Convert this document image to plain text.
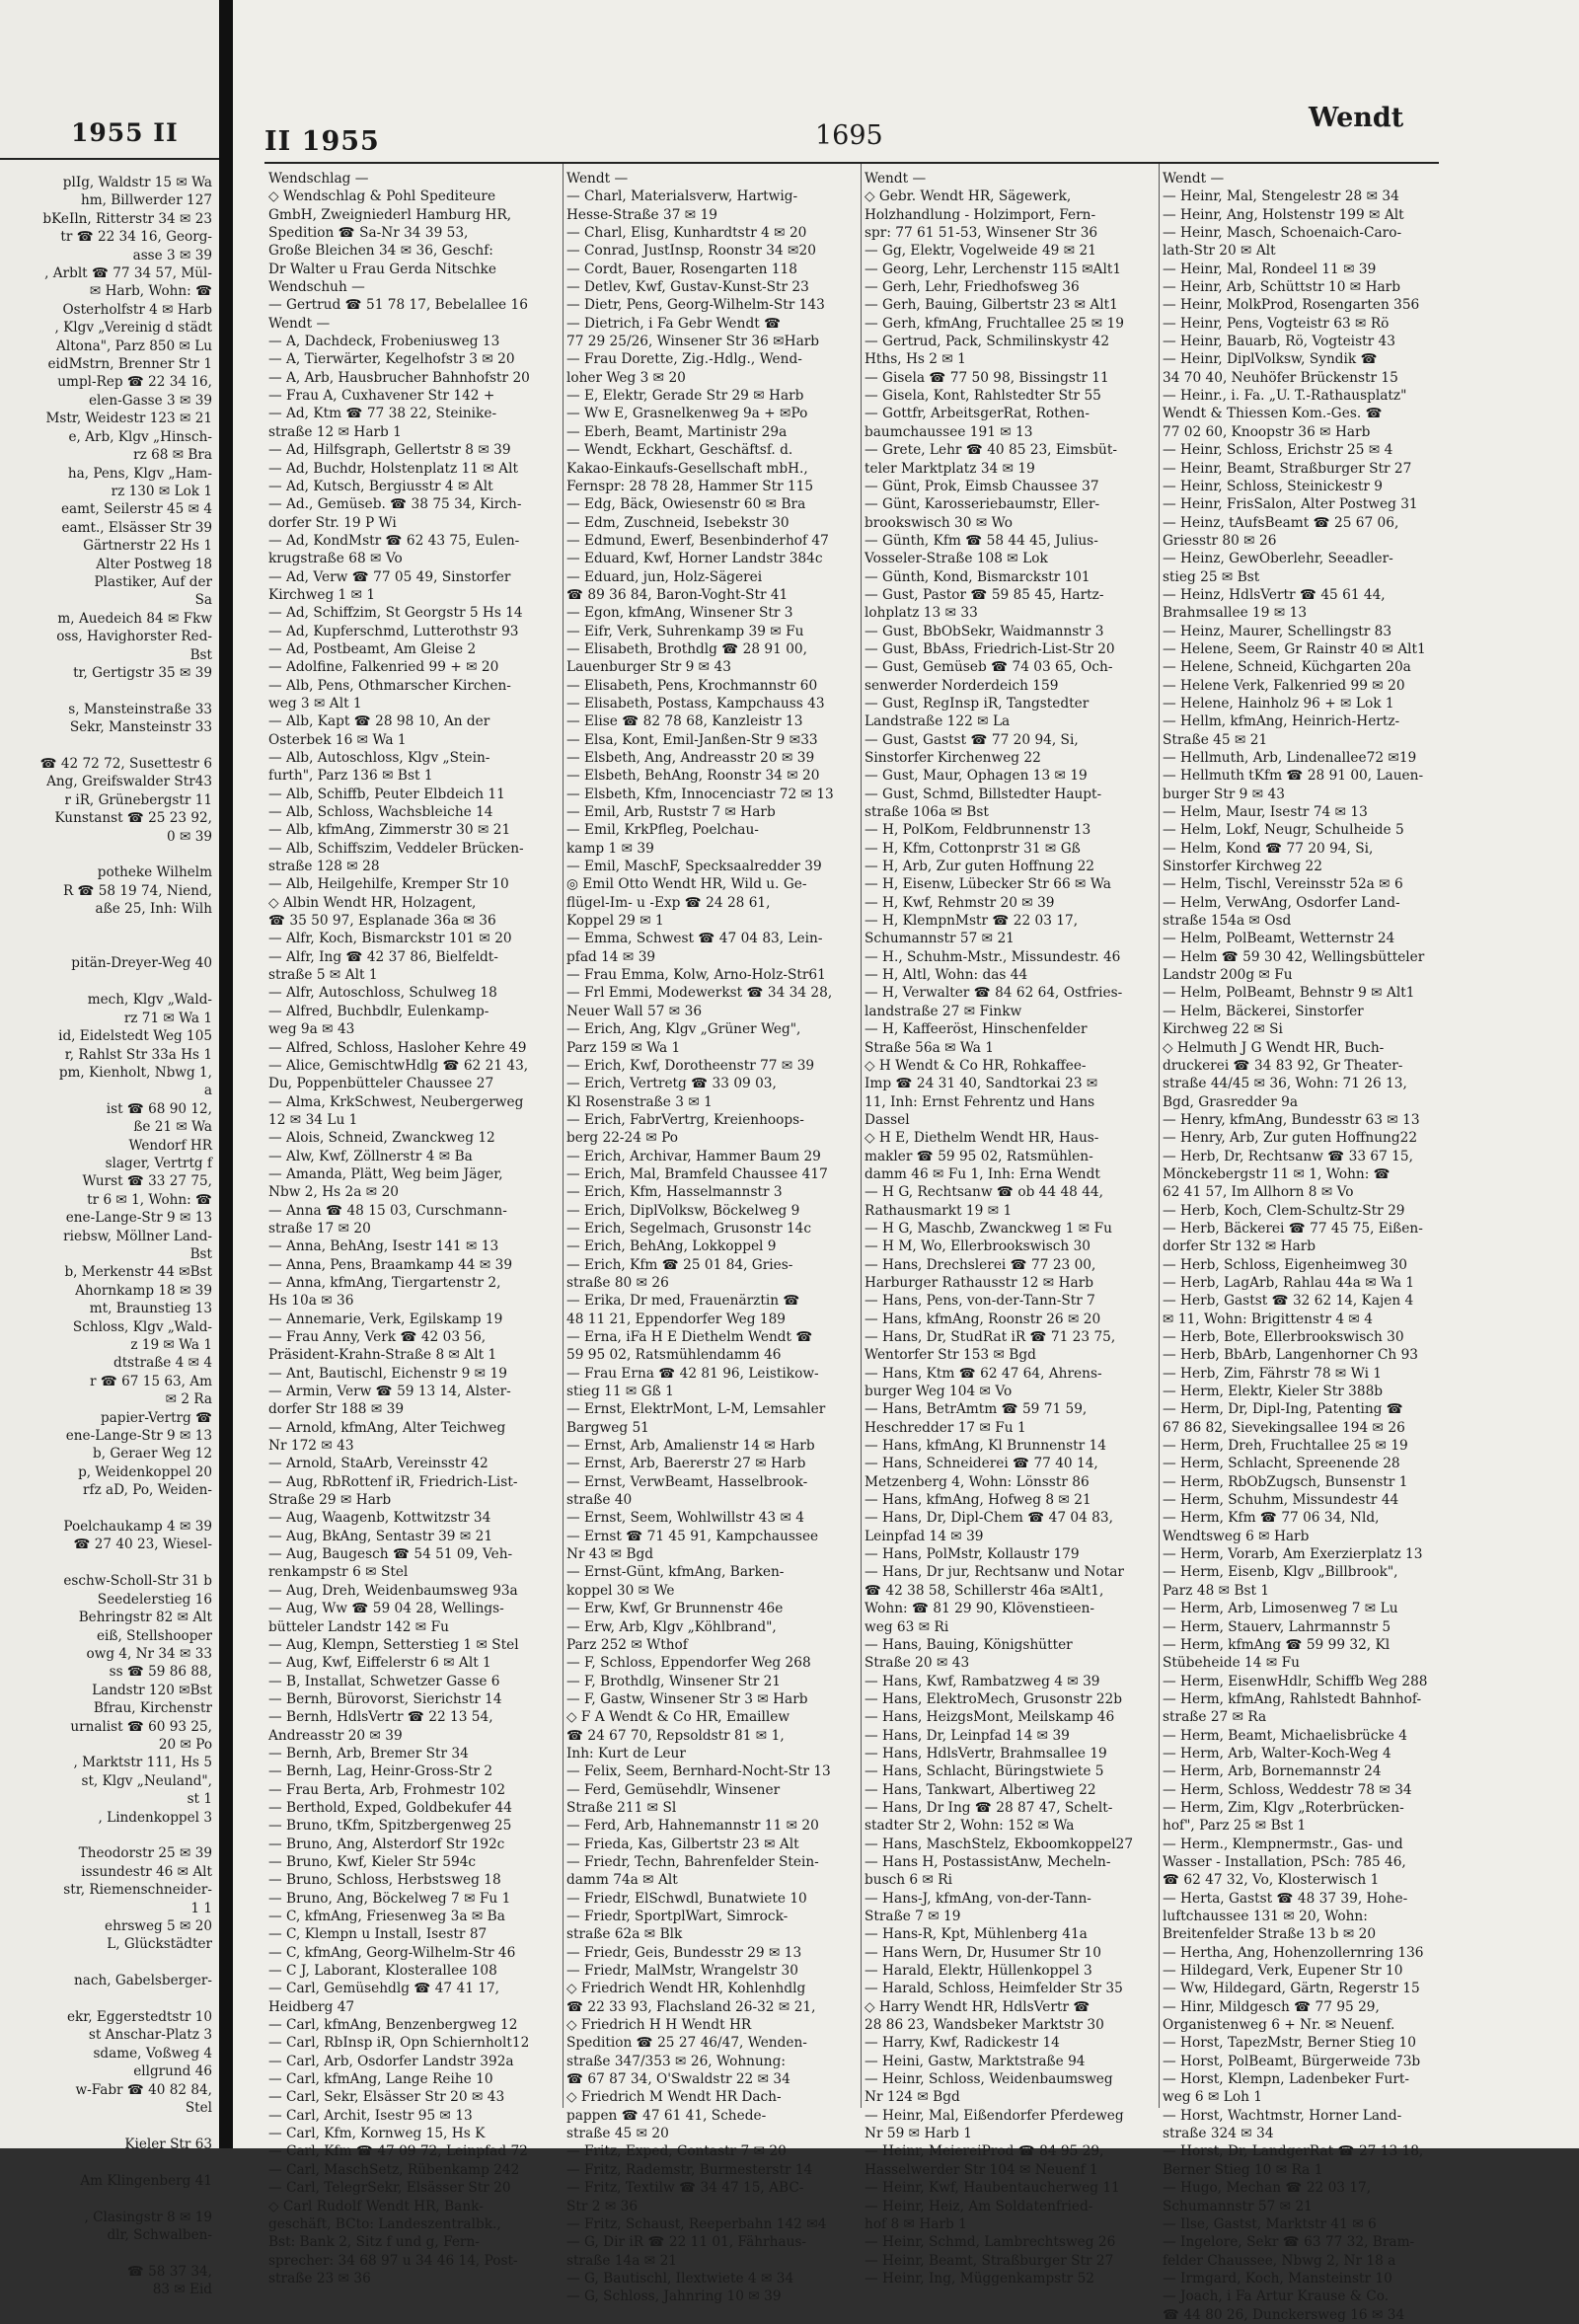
1955 II
plIg, Waldstr 15 ✉ Wa
hm, Billwerder 127
bKeIln, Ritterstr 34 ✉ 23
tr ☎ 22 34 16, Georg-
asse 3 ✉ 39
, Arblt ☎ 77 34 57, Mül-
✉ Harb, Wohn: ☎
Osterholfstr 4 ✉ Harb
, Klgv „Vereinig d städt
Altona", Parz 850 ✉ Lu
eidMstrn, Brenner Str 1
umpl-Rep ☎ 22 34 16,
elen-Gasse 3 ✉ 39
Mstr, Weidestr 123 ✉ 21
e, Arb, Klgv „Hinsch-
rz 68 ✉ Bra
ha, Pens, Klgv „Ham-
rz 130 ✉ Lok 1
eamt, Seilerstr 45 ✉ 4
eamt., Elsässer Str 39
Gärtnerstr 22 Hs 1
Alter Postweg 18
Plastiker, Auf der
Sa
m, Auedeich 84 ✉ Fkw
oss, Havighorster Red-
Bst
tr, Gertigstr 35 ✉ 39

s, Mansteinstraße 33
Sekr, Mansteinstr 33

☎ 42 72 72, Susettestr 6
Ang, Greifswalder Str43
r iR, Grünebergstr 11
Kunstanst ☎ 25 23 92,
0 ✉ 39

potheke Wilhelm
R ☎ 58 19 74, Niend,
aße 25, Inh: Wilh

pitän-Dreyer-Weg 40

mech, Klgv „Wald-
rz 71 ✉ Wa 1
id, Eidelstedt Weg 105
r, Rahlst Str 33a Hs 1
pm, Kienholt, Nbwg 1,
a
ist ☎ 68 90 12,
ße 21 ✉ Wa
Wendorf HR
slager, Vertrtg f
Wurst ☎ 33 27 75,
tr 6 ✉ 1, Wohn: ☎
ene-Lange-Str 9 ✉ 13
riebsw, Möllner Land-
Bst
b, Merkenstr 44 ✉Bst
Ahornkamp 18 ✉ 39
mt, Braunstieg 13
Schloss, Klgv „Wald-
z 19 ✉ Wa 1
dtstraße 4 ✉ 4
r ☎ 67 15 63, Am
✉ 2 Ra
papier-Vertrg ☎
ene-Lange-Str 9 ✉ 13
b, Geraer Weg 12
p, Weidenkoppel 20
rfz aD, Po, Weiden-

Poelchaukamp 4 ✉ 39
☎ 27 40 23, Wiesel-

eschw-Scholl-Str 31 b
Seedelerstieg 16
Behringstr 82 ✉ Alt
eiß, Stellshooper
owg 4, Nr 34 ✉ 33
ss ☎ 59 86 88,
Landstr 120 ✉Bst
Bfrau, Kirchenstr
urnalist ☎ 60 93 25,
20 ✉ Po
, Marktstr 111, Hs 5
st, Klgv „Neuland",
st 1
, Lindenkoppel 3

Theodorstr 25 ✉ 39
issundestr 46 ✉ Alt
str, Riemenschneider-
1 1
ehrsweg 5 ✉ 20
L, Glückstädter

nach, Gabelsberger-

ekr, Eggerstedtstr 10
st Anschar-Platz 3
sdame, Voßweg 4
ellgrund 46
w-Fabr ☎ 40 82 84,
Stel

Kieler Str 63

Am Klingenberg 41

, Clasingstr 8 ✉ 19
dlr, Schwalben-

☎ 58 37 34,
83 ✉ Eid
II 1955	1695
Wendt
Wendschlag —
◇ Wendschlag & Pohl Spediteure
GmbH, Zweigniederl Hamburg HR,
Spedition ☎ Sa-Nr 34 39 53,
Große Bleichen 34 ✉ 36, Geschf:
Dr Walter u Frau Gerda Nitschke
Wendschuh —
— Gertrud ☎ 51 78 17, Bebelallee 16
Wendt —
— A, Dachdeck, Frobeniusweg 13
— A, Tierwärter, Kegelhofstr 3 ✉ 20
— A, Arb, Hausbrucher Bahnhofstr 20
— Frau A, Cuxhavener Str 142 +
— Ad, Ktm ☎ 77 38 22, Steinike-
straße 12 ✉ Harb 1
— Ad, Hilfsgraph, Gellertstr 8 ✉ 39
— Ad, Buchdr, Holstenplatz 11 ✉ Alt
— Ad, Kutsch, Bergiusstr 4 ✉ Alt
— Ad., Gemüseb. ☎ 38 75 34, Kirch-
dorfer Str. 19 P Wi
— Ad, KondMstr ☎ 62 43 75, Eulen-
krugstraße 68 ✉ Vo
— Ad, Verw ☎ 77 05 49, Sinstorfer
Kirchweg 1 ✉ 1
— Ad, Schiffzim, St Georgstr 5 Hs 14
— Ad, Kupferschmd, Lutterothstr 93
— Ad, Postbeamt, Am Gleise 2
— Adolfine, Falkenried 99 + ✉ 20
— Alb, Pens, Othmarscher Kirchen-
weg 3 ✉ Alt 1
— Alb, Kapt ☎ 28 98 10, An der
Osterbek 16 ✉ Wa 1
— Alb, Autoschloss, Klgv „Stein-
furth", Parz 136 ✉ Bst 1
— Alb, Schiffb, Peuter Elbdeich 11
— Alb, Schloss, Wachsbleiche 14
— Alb, kfmAng, Zimmerstr 30 ✉ 21
— Alb, Schiffszim, Veddeler Brücken-
straße 128 ✉ 28
— Alb, Heilgehilfe, Kremper Str 10
◇ Albin Wendt HR, Holzagent,
☎ 35 50 97, Esplanade 36a ✉ 36
— Alfr, Koch, Bismarckstr 101 ✉ 20
— Alfr, Ing ☎ 42 37 86, Bielfeldt-
straße 5 ✉ Alt 1
— Alfr, Autoschloss, Schulweg 18
— Alfred, Buchbdlr, Eulenkamp-
weg 9a ✉ 43
— Alfred, Schloss, Hasloher Kehre 49
— Alice, GemischtwHdlg ☎ 62 21 43,
Du, Poppenbütteler Chaussee 27
— Alma, KrkSchwest, Neubergerweg
12 ✉ 34 Lu 1
— Alois, Schneid, Zwanckweg 12
— Alw, Kwf, Zöllnerstr 4 ✉ Ba
— Amanda, Plätt, Weg beim Jäger,
Nbw 2, Hs 2a ✉ 20
— Anna ☎ 48 15 03, Curschmann-
straße 17 ✉ 20
— Anna, BehAng, Isestr 141 ✉ 13
— Anna, Pens, Braamkamp 44 ✉ 39
— Anna, kfmAng, Tiergartenstr 2,
Hs 10a ✉ 36
— Annemarie, Verk, Egilskamp 19
— Frau Anny, Verk ☎ 42 03 56,
Präsident-Krahn-Straße 8 ✉ Alt 1
— Ant, Bautischl, Eichenstr 9 ✉ 19
— Armin, Verw ☎ 59 13 14, Alster-
dorfer Str 188 ✉ 39
— Arnold, kfmAng, Alter Teichweg
Nr 172 ✉ 43
— Arnold, StaArb, Vereinsstr 42
— Aug, RbRottenf iR, Friedrich-List-
Straße 29 ✉ Harb
— Aug, Waagenb, Kottwitzstr 34
— Aug, BkAng, Sentastr 39 ✉ 21
— Aug, Baugesch ☎ 54 51 09, Veh-
renkampstr 6 ✉ Stel
— Aug, Dreh, Weidenbaumsweg 93a
— Aug, Ww ☎ 59 04 28, Wellings-
bütteler Landstr 142 ✉ Fu
— Aug, Klempn, Setterstieg 1 ✉ Stel
— Aug, Kwf, Eiffelerstr 6 ✉ Alt 1
— B, Installat, Schwetzer Gasse 6
— Bernh, Bürovorst, Sierichstr 14
— Bernh, HdlsVertr ☎ 22 13 54,
Andreasstr 20 ✉ 39
— Bernh, Arb, Bremer Str 34
— Bernh, Lag, Heinr-Gross-Str 2
— Frau Berta, Arb, Frohmestr 102
— Berthold, Exped, Goldbekufer 44
— Bruno, tKfm, Spitzbergenweg 25
— Bruno, Ang, Alsterdorf Str 192c
— Bruno, Kwf, Kieler Str 594c
— Bruno, Schloss, Herbstsweg 18
— Bruno, Ang, Böckelweg 7 ✉ Fu 1
— C, kfmAng, Friesenweg 3a ✉ Ba
— C, Klempn u Install, Isestr 87
— C, kfmAng, Georg-Wilhelm-Str 46
— C J, Laborant, Klosterallee 108
— Carl, Gemüsehdlg ☎ 47 41 17,
Heidberg 47
— Carl, kfmAng, Benzenbergweg 12
— Carl, RbInsp iR, Opn Schiernholt12
— Carl, Arb, Osdorfer Landstr 392a
— Carl, kfmAng, Lange Reihe 10
— Carl, Sekr, Elsässer Str 20 ✉ 43
— Carl, Archit, Isestr 95 ✉ 13
— Carl, Kfm, Kornweg 15, Hs K
— Carl, Kfm ☎ 47 09 72, Leinpfad 72
— Carl, MaschSetz, Rübenkamp 242
— Carl, TelegrSekr, Elsässer Str 20
◇ Carl Rudolf Wendt HR, Bank-
geschäft, BCto: Landeszentralbk.,
Bst: Bank 2, Sitz f und g, Fern-
sprecher: 34 68 97 u 34 46 14, Post-
straße 23 ✉ 36
Wendt —
— Charl, Materialsverw, Hartwig-
Hesse-Straße 37 ✉ 19
— Charl, Elisg, Kunhardtstr 4 ✉ 20
— Conrad, JustInsp, Roonstr 34 ✉20
— Cordt, Bauer, Rosengarten 118
— Detlev, Kwf, Gustav-Kunst-Str 23
— Dietr, Pens, Georg-Wilhelm-Str 143
— Dietrich, i Fa Gebr Wendt ☎
77 29 25/26, Winsener Str 36 ✉Harb
— Frau Dorette, Zig.-Hdlg., Wend-
loher Weg 3 ✉ 20
— E, Elektr, Gerade Str 29 ✉ Harb
— Ww E, Grasnelkenweg 9a + ✉Po
— Eberh, Beamt, Martinistr 29a
— Wendt, Eckhart, Geschäftsf. d.
Kakao-Einkaufs-Gesellschaft mbH.,
Fernspr: 28 78 28, Hammer Str 115
— Edg, Bäck, Owiesenstr 60 ✉ Bra
— Edm, Zuschneid, Isebekstr 30
— Edmund, Ewerf, Besenbinderhof 47
— Eduard, Kwf, Horner Landstr 384c
— Eduard, jun, Holz-Sägerei
☎ 89 36 84, Baron-Voght-Str 41
— Egon, kfmAng, Winsener Str 3
— Eifr, Verk, Suhrenkamp 39 ✉ Fu
— Elisabeth, Brothdlg ☎ 28 91 00,
Lauenburger Str 9 ✉ 43
— Elisabeth, Pens, Krochmannstr 60
— Elisabeth, Postass, Kampchauss 43
— Elise ☎ 82 78 68, Kanzleistr 13
— Elsa, Kont, Emil-Janßen-Str 9 ✉33
— Elsbeth, Ang, Andreasstr 20 ✉ 39
— Elsbeth, BehAng, Roonstr 34 ✉ 20
— Elsbeth, Kfm, Innocenciastr 72 ✉ 13
— Emil, Arb, Ruststr 7 ✉ Harb
— Emil, KrkPfleg, Poelchau-
kamp 1 ✉ 39
— Emil, MaschF, Specksaalredder 39
◎ Emil Otto Wendt HR, Wild u. Ge-
flügel-Im- u -Exp ☎ 24 28 61,
Koppel 29 ✉ 1
— Emma, Schwest ☎ 47 04 83, Lein-
pfad 14 ✉ 39
— Frau Emma, Kolw, Arno-Holz-Str61
— Frl Emmi, Modewerkst ☎ 34 34 28,
Neuer Wall 57 ✉ 36
— Erich, Ang, Klgv „Grüner Weg",
Parz 159 ✉ Wa 1
— Erich, Kwf, Dorotheenstr 77 ✉ 39
— Erich, Vertretg ☎ 33 09 03,
Kl Rosenstraße 3 ✉ 1
— Erich, FabrVertrg, Kreienhoops-
berg 22-24 ✉ Po
— Erich, Archivar, Hammer Baum 29
— Erich, Mal, Bramfeld Chaussee 417
— Erich, Kfm, Hasselmannstr 3
— Erich, DiplVolksw, Böckelweg 9
— Erich, Segelmach, Grusonstr 14c
— Erich, BehAng, Lokkoppel 9
— Erich, Kfm ☎ 25 01 84, Gries-
straße 80 ✉ 26
— Erika, Dr med, Frauenärztin ☎
48 11 21, Eppendorfer Weg 189
— Erna, iFa H E Diethelm Wendt ☎
59 95 02, Ratsmühlendamm 46
— Frau Erna ☎ 42 81 96, Leistikow-
stieg 11 ✉ Gß 1
— Ernst, ElektrMont, L-M, Lemsahler
Bargweg 51
— Ernst, Arb, Amalienstr 14 ✉ Harb
— Ernst, Arb, Baererstr 27 ✉ Harb
— Ernst, VerwBeamt, Hasselbrook-
straße 40
— Ernst, Seem, Wohlwillstr 43 ✉ 4
— Ernst ☎ 71 45 91, Kampchaussee
Nr 43 ✉ Bgd
— Ernst-Günt, kfmAng, Barken-
koppel 30 ✉ We
— Erw, Kwf, Gr Brunnenstr 46e
— Erw, Arb, Klgv „Köhlbrand",
Parz 252 ✉ Wthof
— F, Schloss, Eppendorfer Weg 268
— F, Brothdlg, Winsener Str 21
— F, Gastw, Winsener Str 3 ✉ Harb
◇ F A Wendt & Co HR, Emaillew
☎ 24 67 70, Repsoldstr 81 ✉ 1,
Inh: Kurt de Leur
— Felix, Seem, Bernhard-Nocht-Str 13
— Ferd, Gemüsehdlr, Winsener
Straße 211 ✉ Sl
— Ferd, Arb, Hahnemannstr 11 ✉ 20
— Frieda, Kas, Gilbertstr 23 ✉ Alt
— Friedr, Techn, Bahrenfelder Stein-
damm 74a ✉ Alt
— Friedr, ElSchwdl, Bunatwiete 10
— Friedr, SportplWart, Simrock-
straße 62a ✉ Blk
— Friedr, Geis, Bundesstr 29 ✉ 13
— Friedr, MalMstr, Wrangelstr 30
◇ Friedrich Wendt HR, Kohlenhdlg
☎ 22 33 93, Flachsland 26-32 ✉ 21,
◇ Friedrich H H Wendt HR
Spedition ☎ 25 27 46/47, Wenden-
straße 347/353 ✉ 26, Wohnung:
☎ 67 87 34, O'Swaldstr 22 ✉ 34
◇ Friedrich M Wendt HR Dach-
pappen ☎ 47 61 41, Schede-
straße 45 ✉ 20
— Fritz, Exped, Contastr 7 ✉ 20
— Fritz, Rademstr, Burmesterstr 14
— Fritz, Textilw ☎ 34 47 15, ABC-
Str 2 ✉ 36
— Fritz, Schaust, Reeperbahn 142 ✉4
— G, Dir iR ☎ 22 11 01, Fährhaus-
straße 14a ✉ 21
— G, Bautischl, Ilextwiete 4 ✉ 34
— G, Schloss, Jahnring 10 ✉ 39
Wendt —
◇ Gebr. Wendt HR, Sägewerk,
Holzhandlung - Holzimport, Fern-
spr: 77 61 51-53, Winsener Str 36
— Gg, Elektr, Vogelweide 49 ✉ 21
— Georg, Lehr, Lerchenstr 115 ✉Alt1
— Gerh, Lehr, Friedhofsweg 36
— Gerh, Bauing, Gilbertstr 23 ✉ Alt1
— Gerh, kfmAng, Fruchtallee 25 ✉ 19
— Gertrud, Pack, Schmilinskystr 42
Hths, Hs 2 ✉ 1
— Gisela ☎ 77 50 98, Bissingstr 11
— Gisela, Kont, Rahlstedter Str 55
— Gottfr, ArbeitsgerRat, Rothen-
baumchaussee 191 ✉ 13
— Grete, Lehr ☎ 40 85 23, Eimsbüt-
teler Marktplatz 34 ✉ 19
— Günt, Prok, Eimsb Chaussee 37
— Günt, Karosseriebaumstr, Eller-
brookswisch 30 ✉ Wo
— Günth, Kfm ☎ 58 44 45, Julius-
Vosseler-Straße 108 ✉ Lok
— Günth, Kond, Bismarckstr 101
— Gust, Pastor ☎ 59 85 45, Hartz-
lohplatz 13 ✉ 33
— Gust, BbObSekr, Waidmannstr 3
— Gust, BbAss, Friedrich-List-Str 20
— Gust, Gemüseb ☎ 74 03 65, Och-
senwerder Norderdeich 159
— Gust, RegInsp iR, Tangstedter
Landstraße 122 ✉ La
— Gust, Gastst ☎ 77 20 94, Si,
Sinstorfer Kirchenweg 22
— Gust, Maur, Ophagen 13 ✉ 19
— Gust, Schmd, Billstedter Haupt-
straße 106a ✉ Bst
— H, PolKom, Feldbrunnenstr 13
— H, Kfm, Cottonprstr 31 ✉ Gß
— H, Arb, Zur guten Hoffnung 22
— H, Eisenw, Lübecker Str 66 ✉ Wa
— H, Kwf, Rehmstr 20 ✉ 39
— H, KlempnMstr ☎ 22 03 17,
Schumannstr 57 ✉ 21
— H., Schuhm-Mstr., Missundestr. 46
— H, Altl, Wohn: das 44
— H, Verwalter ☎ 84 62 64, Ostfries-
landstraße 27 ✉ Finkw
— H, Kaffeeröst, Hinschenfelder
Straße 56a ✉ Wa 1
◇ H Wendt & Co HR, Rohkaffee-
Imp ☎ 24 31 40, Sandtorkai 23 ✉
11, Inh: Ernst Fehrentz und Hans
Dassel
◇ H E, Diethelm Wendt HR, Haus-
makler ☎ 59 95 02, Ratsmühlen-
damm 46 ✉ Fu 1, Inh: Erna Wendt
— H G, Rechtsanw ☎ ob 44 48 44,
Rathausmarkt 19 ✉ 1
— H G, Maschb, Zwanckweg 1 ✉ Fu
— H M, Wo, Ellerbrookswisch 30
— Hans, Drechslerei ☎ 77 23 00,
Harburger Rathausstr 12 ✉ Harb
— Hans, Pens, von-der-Tann-Str 7
— Hans, kfmAng, Roonstr 26 ✉ 20
— Hans, Dr, StudRat iR ☎ 71 23 75,
Wentorfer Str 153 ✉ Bgd
— Hans, Ktm ☎ 62 47 64, Ahrens-
burger Weg 104 ✉ Vo
— Hans, BetrAmtm ☎ 59 71 59,
Heschredder 17 ✉ Fu 1
— Hans, kfmAng, Kl Brunnenstr 14
— Hans, Schneiderei ☎ 77 40 14,
Metzenberg 4, Wohn: Lönsstr 86
— Hans, kfmAng, Hofweg 8 ✉ 21
— Hans, Dr, Dipl-Chem ☎ 47 04 83,
Leinpfad 14 ✉ 39
— Hans, PolMstr, Kollaustr 179
— Hans, Dr jur, Rechtsanw und Notar
☎ 42 38 58, Schillerstr 46a ✉Alt1,
Wohn: ☎ 81 29 90, Klövenstieen-
weg 63 ✉ Ri
— Hans, Bauing, Königshütter
Straße 20 ✉ 43
— Hans, Kwf, Rambatzweg 4 ✉ 39
— Hans, ElektroMech, Grusonstr 22b
— Hans, HeizgsMont, Meilskamp 46
— Hans, Dr, Leinpfad 14 ✉ 39
— Hans, HdlsVertr, Brahmsallee 19
— Hans, Schlacht, Büringstwiete 5
— Hans, Tankwart, Albertiweg 22
— Hans, Dr Ing ☎ 28 87 47, Schelt-
stadter Str 2, Wohn: 152 ✉ Wa
— Hans, MaschStelz, Ekboomkoppel27
— Hans H, PostassistAnw, Mecheln-
busch 6 ✉ Ri
— Hans-J, kfmAng, von-der-Tann-
Straße 7 ✉ 19
— Hans-R, Kpt, Mühlenberg 41a
— Hans Wern, Dr, Husumer Str 10
— Harald, Elektr, Hüllenkoppel 3
— Harald, Schloss, Heimfelder Str 35
◇ Harry Wendt HR, HdlsVertr ☎
28 86 23, Wandsbeker Marktstr 30
— Harry, Kwf, Radickestr 14
— Heini, Gastw, Marktstraße 94
— Heinr, Schloss, Weidenbaumsweg
Nr 124 ✉ Bgd
— Heinr, Mal, Eißendorfer Pferdeweg
Nr 59 ✉ Harb 1
— Heinr, MeiereiProd ☎ 84 95 29,
Hasselwerder Str 104 ✉ Neuenf 1
— Heinr, Kwf, Haubentaucherweg 11
— Heinr, Heiz, Am Soldatenfried-
hof 8 ✉ Harb 1
— Heinr, Schmd, Lambrechtsweg 26
— Heinr, Beamt, Straßburger Str 27
— Heinr, Ing, Müggenkampstr 52
Wendt —
— Heinr, Mal, Stengelestr 28 ✉ 34
— Heinr, Ang, Holstenstr 199 ✉ Alt
— Heinr, Masch, Schoenaich-Caro-
lath-Str 20 ✉ Alt
— Heinr, Mal, Rondeel 11 ✉ 39
— Heinr, Arb, Schüttstr 10 ✉ Harb
— Heinr, MolkProd, Rosengarten 356
— Heinr, Pens, Vogteistr 63 ✉ Rö
— Heinr, Bauarb, Rö, Vogteistr 43
— Heinr, DiplVolksw, Syndik ☎
34 70 40, Neuhöfer Brückenstr 15
— Heinr., i. Fa. „U. T.-Rathausplatz"
Wendt & Thiessen Kom.-Ges. ☎
77 02 60, Knoopstr 36 ✉ Harb
— Heinr, Schloss, Erichstr 25 ✉ 4
— Heinr, Beamt, Straßburger Str 27
— Heinr, Schloss, Steinickestr 9
— Heinr, FrisSalon, Alter Postweg 31
— Heinz, tAufsBeamt ☎ 25 67 06,
Griesstr 80 ✉ 26
— Heinz, GewOberlehr, Seeadler-
stieg 25 ✉ Bst
— Heinz, HdlsVertr ☎ 45 61 44,
Brahmsallee 19 ✉ 13
— Heinz, Maurer, Schellingstr 83
— Helene, Seem, Gr Rainstr 40 ✉ Alt1
— Helene, Schneid, Küchgarten 20a
— Helene Verk, Falkenried 99 ✉ 20
— Helene, Hainholz 96 + ✉ Lok 1
— Hellm, kfmAng, Heinrich-Hertz-
Straße 45 ✉ 21
— Hellmuth, Arb, Lindenallee72 ✉19
— Hellmuth tKfm ☎ 28 91 00, Lauen-
burger Str 9 ✉ 43
— Helm, Maur, Isestr 74 ✉ 13
— Helm, Lokf, Neugr, Schulheide 5
— Helm, Kond ☎ 77 20 94, Si,
Sinstorfer Kirchweg 22
— Helm, Tischl, Vereinsstr 52a ✉ 6
— Helm, VerwAng, Osdorfer Land-
straße 154a ✉ Osd
— Helm, PolBeamt, Wetternstr 24
— Helm ☎ 59 30 42, Wellingsbütteler
Landstr 200g ✉ Fu
— Helm, PolBeamt, Behnstr 9 ✉ Alt1
— Helm, Bäckerei, Sinstorfer
Kirchweg 22 ✉ Si
◇ Helmuth J G Wendt HR, Buch-
druckerei ☎ 34 83 92, Gr Theater-
straße 44/45 ✉ 36, Wohn: 71 26 13,
Bgd, Grasredder 9a
— Henry, kfmAng, Bundesstr 63 ✉ 13
— Henry, Arb, Zur guten Hoffnung22
— Herb, Dr, Rechtsanw ☎ 33 67 15,
Mönckebergstr 11 ✉ 1, Wohn: ☎
62 41 57, Im Allhorn 8 ✉ Vo
— Herb, Koch, Clem-Schultz-Str 29
— Herb, Bäckerei ☎ 77 45 75, Eißen-
dorfer Str 132 ✉ Harb
— Herb, Schloss, Eigenheimweg 30
— Herb, LagArb, Rahlau 44a ✉ Wa 1
— Herb, Gastst ☎ 32 62 14, Kajen 4
✉ 11, Wohn: Brigittenstr 4 ✉ 4
— Herb, Bote, Ellerbrookswisch 30
— Herb, BbArb, Langenhorner Ch 93
— Herb, Zim, Fährstr 78 ✉ Wi 1
— Herm, Elektr, Kieler Str 388b
— Herm, Dr, Dipl-Ing, Patenting ☎
67 86 82, Sievekingsallee 194 ✉ 26
— Herm, Dreh, Fruchtallee 25 ✉ 19
— Herm, Schlacht, Spreenende 28
— Herm, RbObZugsch, Bunsenstr 1
— Herm, Schuhm, Missundestr 44
— Herm, Kfm ☎ 77 06 34, Nld,
Wendtsweg 6 ✉ Harb
— Herm, Vorarb, Am Exerzierplatz 13
— Herm, Eisenb, Klgv „Billbrook",
Parz 48 ✉ Bst 1
— Herm, Arb, Limosenweg 7 ✉ Lu
— Herm, Stauerv, Lahrmannstr 5
— Herm, kfmAng ☎ 59 99 32, Kl
Stübeheide 14 ✉ Fu
— Herm, EisenwHdlr, Schiffb Weg 288
— Herm, kfmAng, Rahlstedt Bahnhof-
straße 27 ✉ Ra
— Herm, Beamt, Michaelisbrücke 4
— Herm, Arb, Walter-Koch-Weg 4
— Herm, Arb, Bornemannstr 24
— Herm, Schloss, Weddestr 78 ✉ 34
— Herm, Zim, Klgv „Roterbrücken-
hof", Parz 25 ✉ Bst 1
— Herm., Klempnermstr., Gas- und
Wasser - Installation, PSch: 785 46,
☎ 62 47 32, Vo, Klosterwisch 1
— Herta, Gastst ☎ 48 37 39, Hohe-
luftchaussee 131 ✉ 20, Wohn:
Breitenfelder Straße 13 b ✉ 20
— Hertha, Ang, Hohenzollernring 136
— Hildegard, Verk, Eupener Str 10
— Ww, Hildegard, Gärtn, Regerstr 15
— Hinr, Mildgesch ☎ 77 95 29,
Organistenweg 6 + Nr. ✉ Neuenf.
— Horst, TapezMstr, Berner Stieg 10
— Horst, PolBeamt, Bürgerweide 73b
— Horst, Klempn, Ladenbeker Furt-
weg 6 ✉ Loh 1
— Horst, Wachtmstr, Horner Land-
straße 324 ✉ 34
— Horst, Dr, LandgerRat ☎ 27 13 18,
Berner Stieg 10 ✉ Ra 1
— Hugo, Mechan ☎ 22 03 17,
Schumannstr 57 ✉ 21
— Ilse, Gastst, Marktstr 41 ✉ 6
— Ingelore, Sekr ☎ 63 77 32, Bram-
felder Chaussee, Nbwg 2, Nr 18 a
— Irmgard, Koch, Mansteinstr 10
— Joach, i Fa Artur Krause & Co.
☎ 44 80 26, Dunckersweg 16 ✉ 34
